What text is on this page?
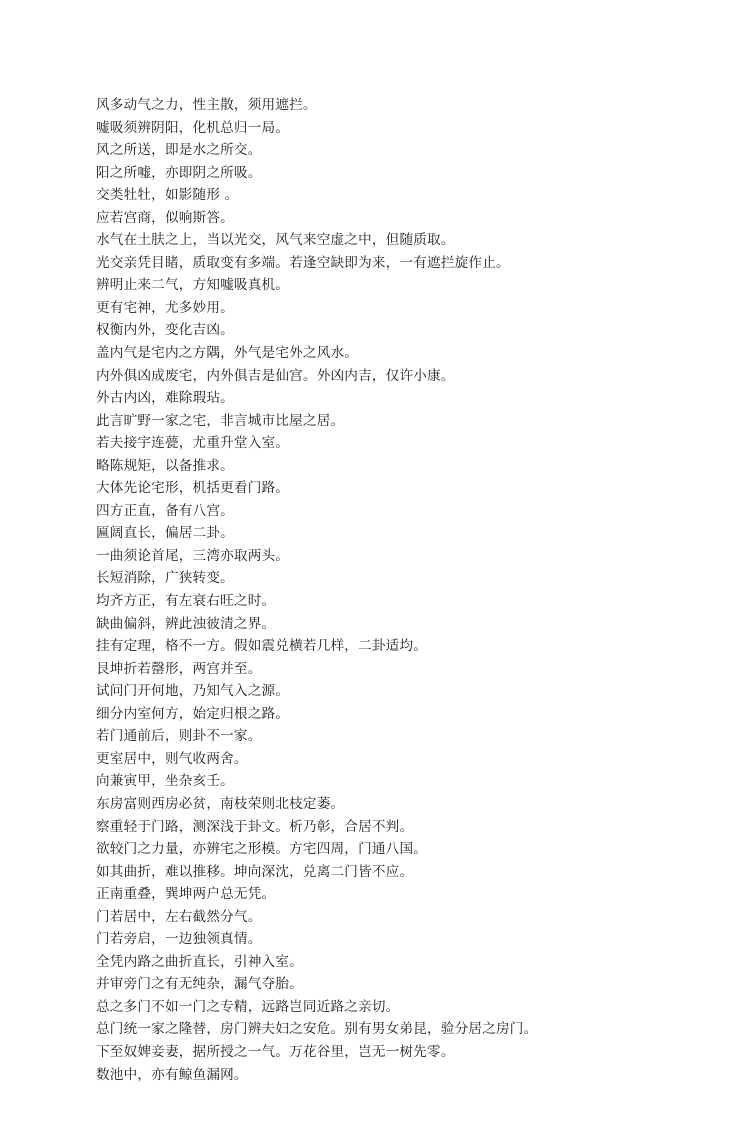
风多动气之力，性主散，须用遮拦。
嘘吸须辨阴阳，化机总归一局。
风之所送，即是水之所交。
阳之所嘘，亦即阴之所吸。
交类牡牡，如影随形 。
应若宫商，似响斯答。
水气在土肤之上，当以光交，风气来空虚之中，但随质取。
光交亲凭目睹，质取变有多端。若逢空缺即为来，一有遮拦旋作止。
辨明止来二气，方知嘘吸真机。
更有宅神，尤多妙用。
权衡内外，变化吉凶。
盖内气是宅内之方隅，外气是宅外之风水。
内外俱凶成废宅，内外俱吉是仙宫。外凶内吉，仅许小康。
外古内凶，难除瑕玷。
此言旷野一家之宅，非言城市比屋之居。
若夫接宇连甍，尤重升堂入室。
略陈规矩，以备推求。
大体先论宅形，机括更看门路。
四方正直，备有八宫。
匾阔直长，偏居二卦。
一曲须论首尾，三湾亦取两头。
长短消除，广狭转变。
均齐方正，有左衰右旺之时。
缺曲偏斜，辨此浊彼清之界。
挂有定理，格不一方。假如震兑横若几样，二卦适均。
艮坤折若罄形，两宫并至。
试问门开何地，乃知气入之源。
细分内室何方，始定归根之路。
若门通前后，则卦不一家。
更室居中，则气收两舍。
向兼寅甲，坐杂亥壬。
东房富则西房必贫，南枝荣则北枝定萎。
察重轻于门路，测深浅于卦文。析乃彰，合居不判。
欲较门之力量，亦辨宅之形模。方宅四周，门通八国。
如其曲折，难以推移。坤向深沈，兑离二门皆不应。
正南重叠，巽坤两户总无凭。
门若居中，左右截然分气。
门若旁启，一边独领真情。
全凭内路之曲折直长，引神入室。
并审旁门之有无纯杂，漏气夺胎。
总之多门不如一门之专精，远路岂同近路之亲切。
总门统一家之隆替，房门辨夫妇之安危。别有男女弟昆，验分居之房门。
下至奴婢妾妻，据所授之一气。万花谷里，岂无一树先零。
数池中，亦有鲸鱼漏网。
